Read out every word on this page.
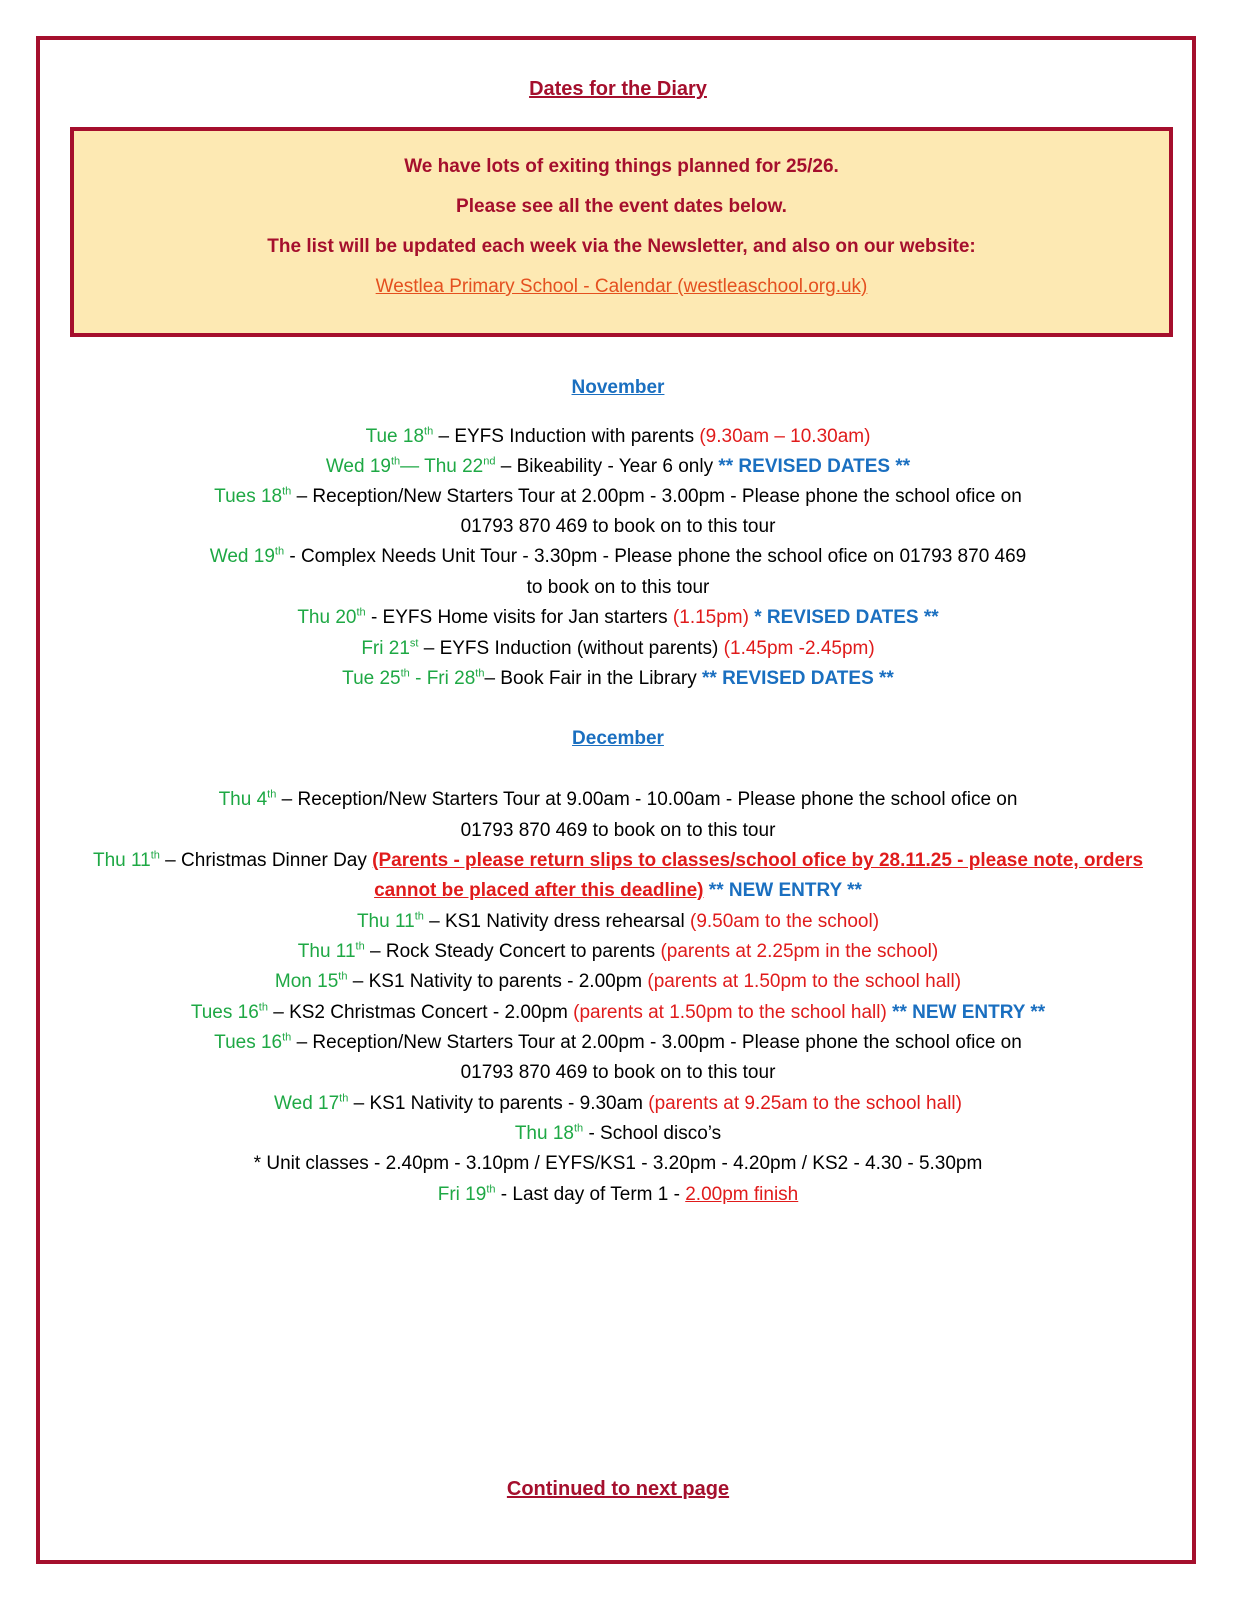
Dates for the Diary
We have lots of exiting things planned for 25/26.
Please see all the event dates below.
The list will be updated each week via the Newsletter, and also on our website:
Westlea Primary School - Calendar (westleaschool.org.uk)
November
Tue 18th – EYFS Induction with parents (9.30am – 10.30am)
Wed 19th— Thu 22nd – Bikeability - Year 6 only ** REVISED DATES **
Tues 18th – Reception/New Starters Tour at 2.00pm - 3.00pm - Please phone the school oﬁce on
01793 870 469 to book on to this tour
Wed 19th - Complex Needs Unit Tour - 3.30pm - Please phone the school oﬁce on 01793 870 469
to book on to this tour
Thu 20th - EYFS Home visits for Jan starters (1.15pm) * REVISED DATES **
Fri 21st – EYFS Induction (without parents) (1.45pm -2.45pm)
Tue 25th - Fri 28th– Book Fair in the Library ** REVISED DATES **
December
Thu 4th – Reception/New Starters Tour at 9.00am - 10.00am - Please phone the school oﬁce on
01793 870 469 to book on to this tour
Thu 11th – Christmas Dinner Day (Parents - please return slips to classes/school oﬁce by 28.11.25 - please note, orders
cannot be placed after this deadline) ** NEW ENTRY **
Thu 11th – KS1 Nativity dress rehearsal (9.50am to the school)
Thu 11th – Rock Steady Concert to parents (parents at 2.25pm in the school)
Mon 15th – KS1 Nativity to parents - 2.00pm (parents at 1.50pm to the school hall)
Tues 16th – KS2 Christmas Concert - 2.00pm (parents at 1.50pm to the school hall) ** NEW ENTRY **
Tues 16th – Reception/New Starters Tour at 2.00pm - 3.00pm - Please phone the school oﬁce on
01793 870 469 to book on to this tour
Wed 17th – KS1 Nativity to parents - 9.30am (parents at 9.25am to the school hall)
Thu 18th - School disco’s
* Unit classes - 2.40pm - 3.10pm / EYFS/KS1 - 3.20pm - 4.20pm / KS2 - 4.30 - 5.30pm
Fri 19th - Last day of Term 1 - 2.00pm finish
Continued to next page
